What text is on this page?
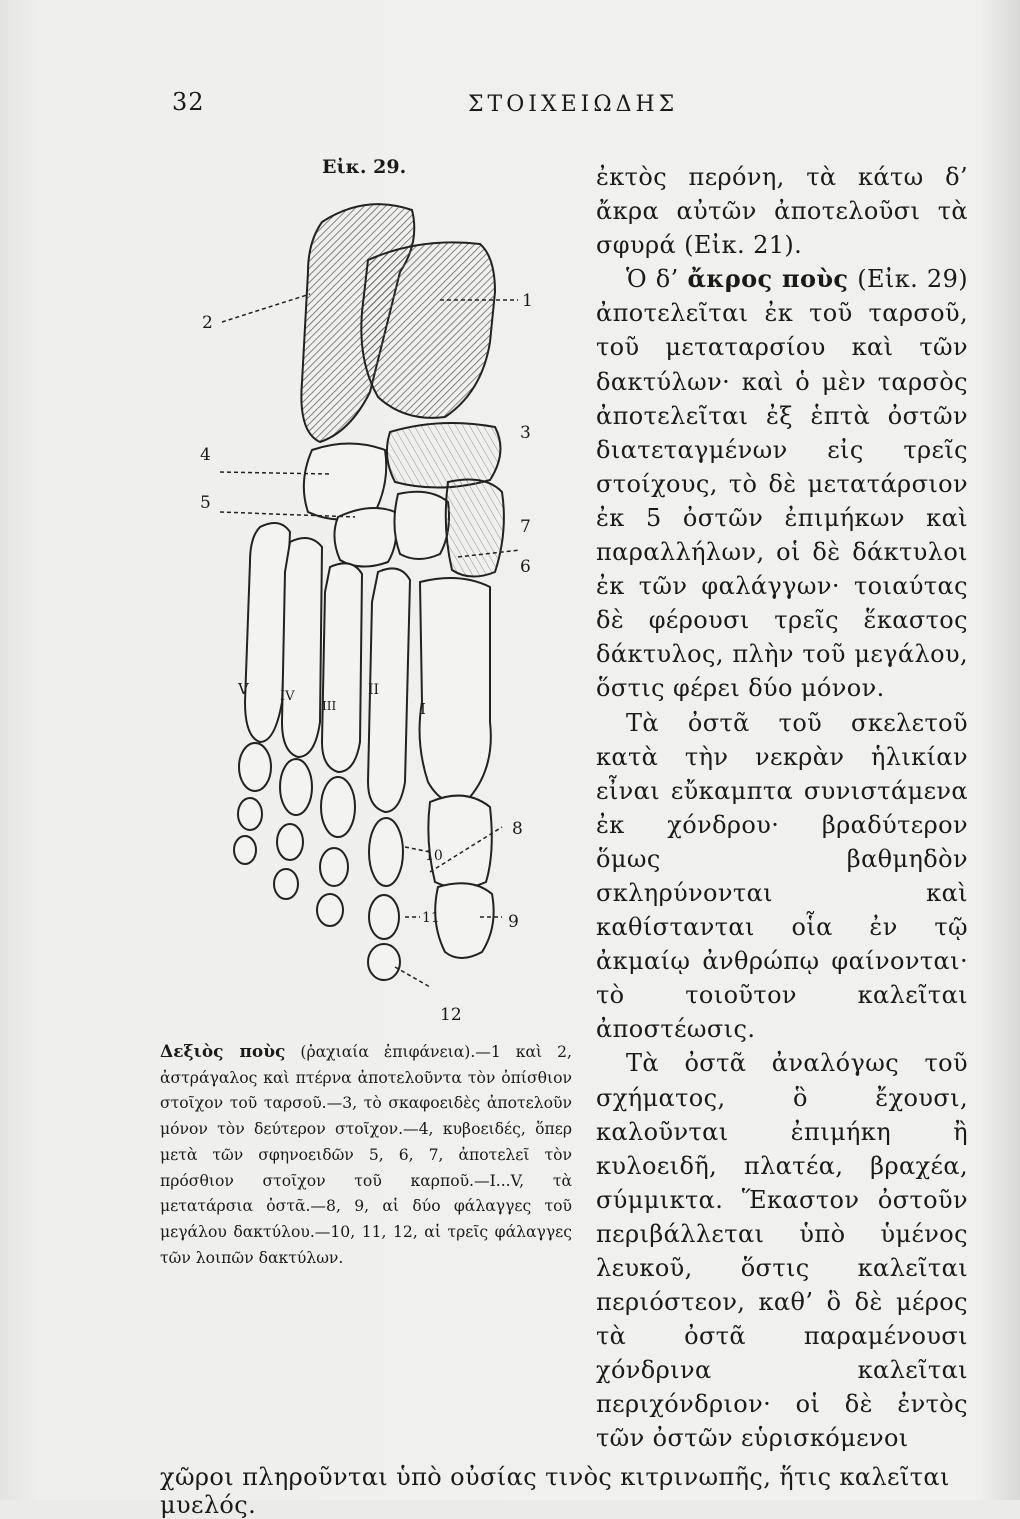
32	ΣΤΟΙΧΕΙΩΔΗΣ
Εἰκ. 29.
2
1
3
4
5
7
6
8
10
11	9
12
V IV
III
II
I

ἐκτὸς περόνη, τὰ κάτω δ’ ἄκρα αὐτῶν ἀποτελοῦσι τὰ σφυρά (Εἰκ. 21).

Ὁ δ’ ἄκρος ποὺς (Εἰκ. 29) ἀποτελεῖται ἐκ τοῦ ταρσοῦ, τοῦ μεταταρσίου καὶ τῶν δακτύλων· καὶ ὁ μὲν ταρσὸς ἀποτελεῖται ἐξ ἑπτὰ ὀστῶν διατεταγμένων εἰς τρεῖς στοίχους, τὸ δὲ μετατάρσιον ἐκ 5 ὀστῶν ἐπιμήκων καὶ παραλλήλων, οἱ δὲ δάκτυλοι ἐκ τῶν φαλάγγων· τοιαύτας δὲ φέρουσι τρεῖς ἕκαστος δάκτυλος, πλὴν τοῦ μεγάλου, ὅστις φέρει δύο μόνον.

Τὰ ὀστᾶ τοῦ σκελετοῦ κατὰ τὴν νεκρὰν ἡλικίαν εἶναι εὔκαμπτα συνιστάμενα ἐκ χόνδρου· βραδύτερον ὅμως βαθμηδὸν σκληρύνονται καὶ καθίστανται οἷα ἐν τῷ ἀκμαίῳ ἀνθρώπῳ φαίνονται· τὸ τοιοῦτον καλεῖται ἀποστέωσις.

Τὰ ὀστᾶ ἀναλόγως τοῦ σχήματος, ὃ ἔχουσι, καλοῦνται ἐπιμήκη ἢ κυλοειδῆ, πλατέα, βραχέα, σύμμικτα. Ἕκαστον ὀστοῦν περιβάλλεται ὑπὸ ὑμένος λευκοῦ, ὅστις καλεῖται περιόστεον, καθ’ ὃ δὲ μέρος τὰ ὀστᾶ παραμένουσι χόνδρινα καλεῖται περιχόνδριον· οἱ δὲ ἐντὸς τῶν ὀστῶν εὑρισκόμενοι

Δεξιὸς ποὺς (ῥαχιαία ἐπιφάνεια).—1 καὶ 2, ἀστράγαλος καὶ πτέρνα ἀποτελοῦντα τὸν ὀπίσθιον στοῖχον τοῦ ταρσοῦ.—3, τὸ σκαφοειδὲς ἀποτελοῦν μόνον τὸν δεύτερον στοῖχον.—4, κυβοειδές, ὅπερ μετὰ τῶν σφηνοειδῶν 5, 6, 7, ἀποτελεῖ τὸν πρόσθιον στοῖχον τοῦ καρποῦ.—I...V, τὰ μετατάρσια ὀστᾶ.—8, 9, αἱ δύο φάλαγγες τοῦ μεγάλου δακτύλου.—10, 11, 12, αἱ τρεῖς φάλαγγες τῶν λοιπῶν δακτύλων.
χῶροι πληροῦνται ὑπὸ οὐσίας τινὸς κιτρινωπῆς, ἥτις καλεῖται μυελός.
